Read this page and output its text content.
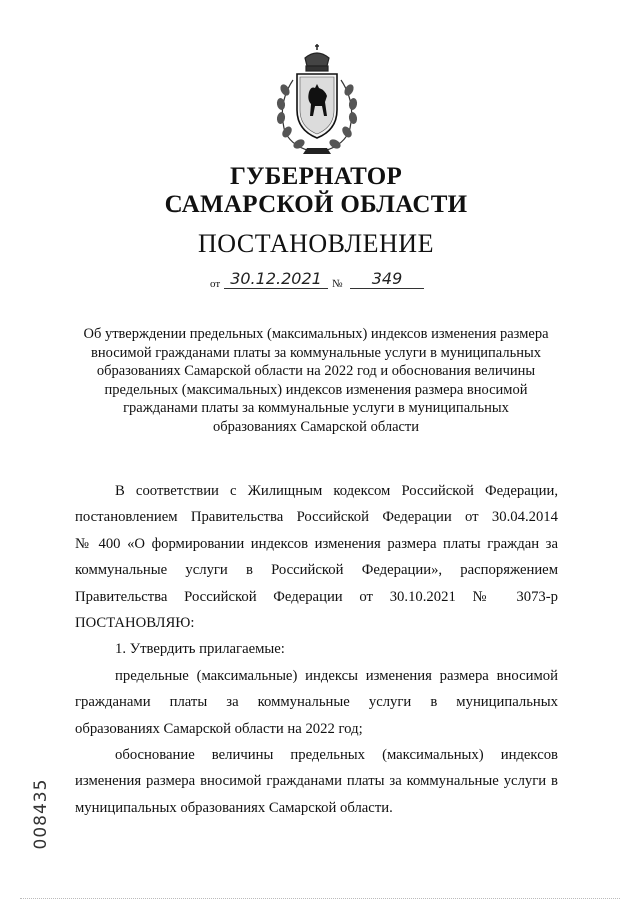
ГУБЕРНАТОР
САМАРСКОЙ ОБЛАСТИ
ПОСТАНОВЛЕНИЕ
от 30.12.2021 №	349
Об утверждении предельных (максимальных) индексов изменения размера
вносимой гражданами платы за коммунальные услуги в муниципальных
образованиях Самарской области на 2022 год и обоснования величины
предельных (максимальных) индексов изменения размера вносимой
гражданами платы за коммунальные услуги в муниципальных
образованиях Самарской области
В соответствии с Жилищным кодексом Российской Федерации,
постановлением Правительства Российской Федерации от 30.04.2014
№ 400 «О формировании индексов изменения размера платы граждан за
коммунальные услуги в Российской Федерации», распоряжением
Правительства Российской Федерации от 30.10.2021 № 3073-р
ПОСТАНОВЛЯЮ:
1. Утвердить прилагаемые:
предельные (максимальные) индексы изменения размера вносимой
гражданами платы за коммунальные услуги в муниципальных
образованиях Самарской области на 2022 год;
обоснование величины предельных (максимальных) индексов
изменения размера вносимой гражданами платы за коммунальные услуги в
муниципальных образованиях Самарской области.
008435
